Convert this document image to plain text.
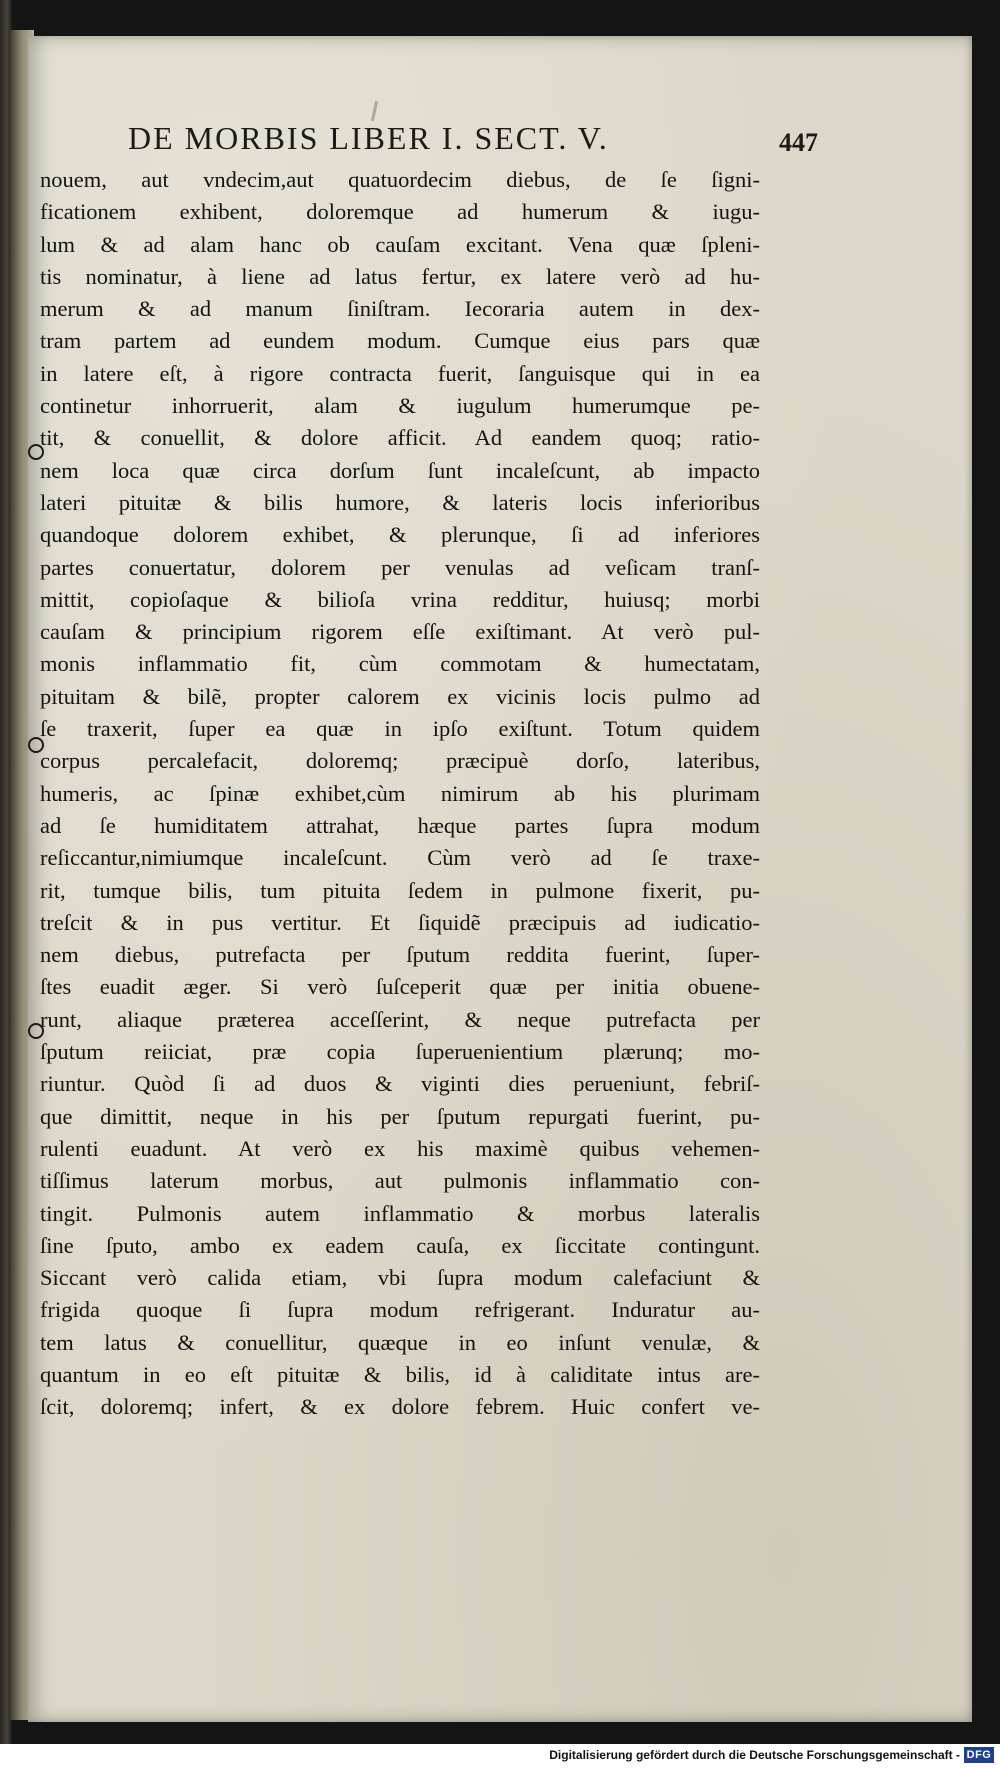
DE MORBIS LIBER I. SECT. V.	447
nouem, aut vndecim,aut quatuordecim diebus, de ſe ſigni-
ficationem exhibent, doloremque ad humerum & iugu-
lum & ad alam hanc ob cauſam excitant. Vena quæ ſpleni-
tis nominatur, à liene ad latus fertur, ex latere verò ad hu-
merum & ad manum ſiniſtram. Iecoraria autem in dex-
tram partem ad eundem modum. Cumque eius pars quæ
in latere eſt, à rigore contracta fuerit, ſanguisque qui in ea
continetur inhorruerit, alam & iugulum humerumque pe-
tit, & conuellit, & dolore afficit. Ad eandem quoq; ratio-
nem loca quæ circa dorſum ſunt incaleſcunt, ab impacto
lateri pituitæ & bilis humore, & lateris locis inferioribus
quandoque dolorem exhibet, & plerunque, ſi ad inferiores
partes conuertatur, dolorem per venulas ad veſicam tranſ-
mittit, copioſaque & bilioſa vrina redditur, huiusq; morbi
cauſam & principium rigorem eſſe exiſtimant. At verò pul-
monis inflammatio fit, cùm commotam & humectatam,
pituitam & bilẽ, propter calorem ex vicinis locis pulmo ad
ſe traxerit, ſuper ea quæ in ipſo exiſtunt. Totum quidem
corpus percalefacit, doloremq; præcipuè dorſo, lateribus,
humeris, ac ſpinæ exhibet,cùm nimirum ab his plurimam
ad ſe humiditatem attrahat, hæque partes ſupra modum
reſiccantur,nimiumque incaleſcunt. Cùm verò ad ſe traxe-
rit, tumque bilis, tum pituita ſedem in pulmone fixerit, pu-
treſcit & in pus vertitur. Et ſiquidẽ præcipuis ad iudicatio-
nem diebus, putrefacta per ſputum reddita fuerint, ſuper-
ſtes euadit æger. Si verò ſuſceperit quæ per initia obuene-
runt, aliaque præterea acceſſerint, & neque putrefacta per
ſputum reiiciat, præ copia ſuperuenientium plærunq; mo-
riuntur. Quòd ſi ad duos & viginti dies perueniunt, febriſ-
que dimittit, neque in his per ſputum repurgati fuerint, pu-
rulenti euadunt. At verò ex his maximè quibus vehemen-
tiſſimus laterum morbus, aut pulmonis inflammatio con-
tingit. Pulmonis autem inflammatio & morbus lateralis
ſine ſputo, ambo ex eadem cauſa, ex ſiccitate contingunt.
Siccant verò calida etiam, vbi ſupra modum calefaciunt &
frigida quoque ſi ſupra modum refrigerant. Induratur au-
tem latus & conuellitur, quæque in eo inſunt venulæ, &
quantum in eo eſt pituitæ & bilis, id à caliditate intus are-
ſcit, doloremq; infert, & ex dolore febrem. Huic confert ve-
Digitalisierung gefördert durch die Deutsche Forschungsgemeinschaft - DFG
